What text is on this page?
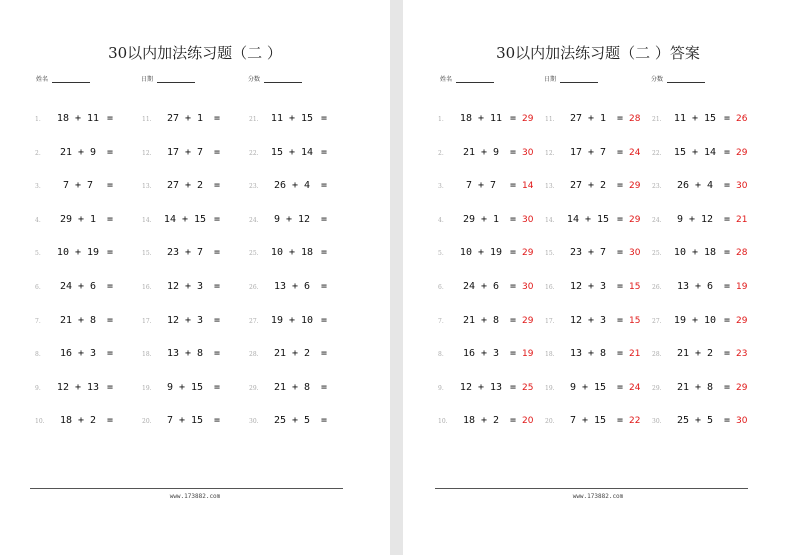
30以内加法练习题（二 ）
姓名	日期	分数
1.	18 + 11 =	11.	27 + 1	=	21.	11 + 15 =
2.	21 + 9	=	12.	17 + 7	=	22.	15 + 14 =
3.	7 + 7	=	13.	27 + 2	=	23.	26 + 4	=
4.	29 + 1	=	14.	14 + 15 =	24.	9 + 12	=
5.	10 + 19 =	15.	23 + 7	=	25.	10 + 18 =
6.	24 + 6	=	16.	12 + 3	=	26.	13 + 6	=
7.	21 + 8	=	17.	12 + 3	=	27.	19 + 10 =
8.	16 + 3	=	18.	13 + 8	=	28.	21 + 2	=
9.	12 + 13 =	19.	9 + 15	=	29.	21 + 8	=
10.	18 + 2	=	20.	7 + 15	=	30.	25 + 5	=
www.173882.com
30以内加法练习题（二 ）答案
姓名	日期	分数
1.	18 + 11 = 29 11.	27 + 1	= 28 21.	11 + 15 = 26
2.	21 + 9	= 30 12.	17 + 7	= 24 22.	15 + 14 = 29
3.	7 + 7	= 14 13.	27 + 2	= 29 23.	26 + 4	= 30
4.	29 + 1	= 30 14.	14 + 15 = 29 24.	9 + 12	= 21
5.	10 + 19 = 29 15.	23 + 7	= 30 25.	10 + 18 = 28
6.	24 + 6	= 30 16.	12 + 3	= 15 26.	13 + 6	= 19
7.	21 + 8	= 29 17.	12 + 3	= 15 27.	19 + 10 = 29
8.	16 + 3	= 19 18.	13 + 8	= 21 28.	21 + 2	= 23
9.	12 + 13 = 25 19.	9 + 15	= 24 29.	21 + 8	= 29
10.	18 + 2	= 20 20.	7 + 15	= 22 30.	25 + 5	= 30
www.173882.com
